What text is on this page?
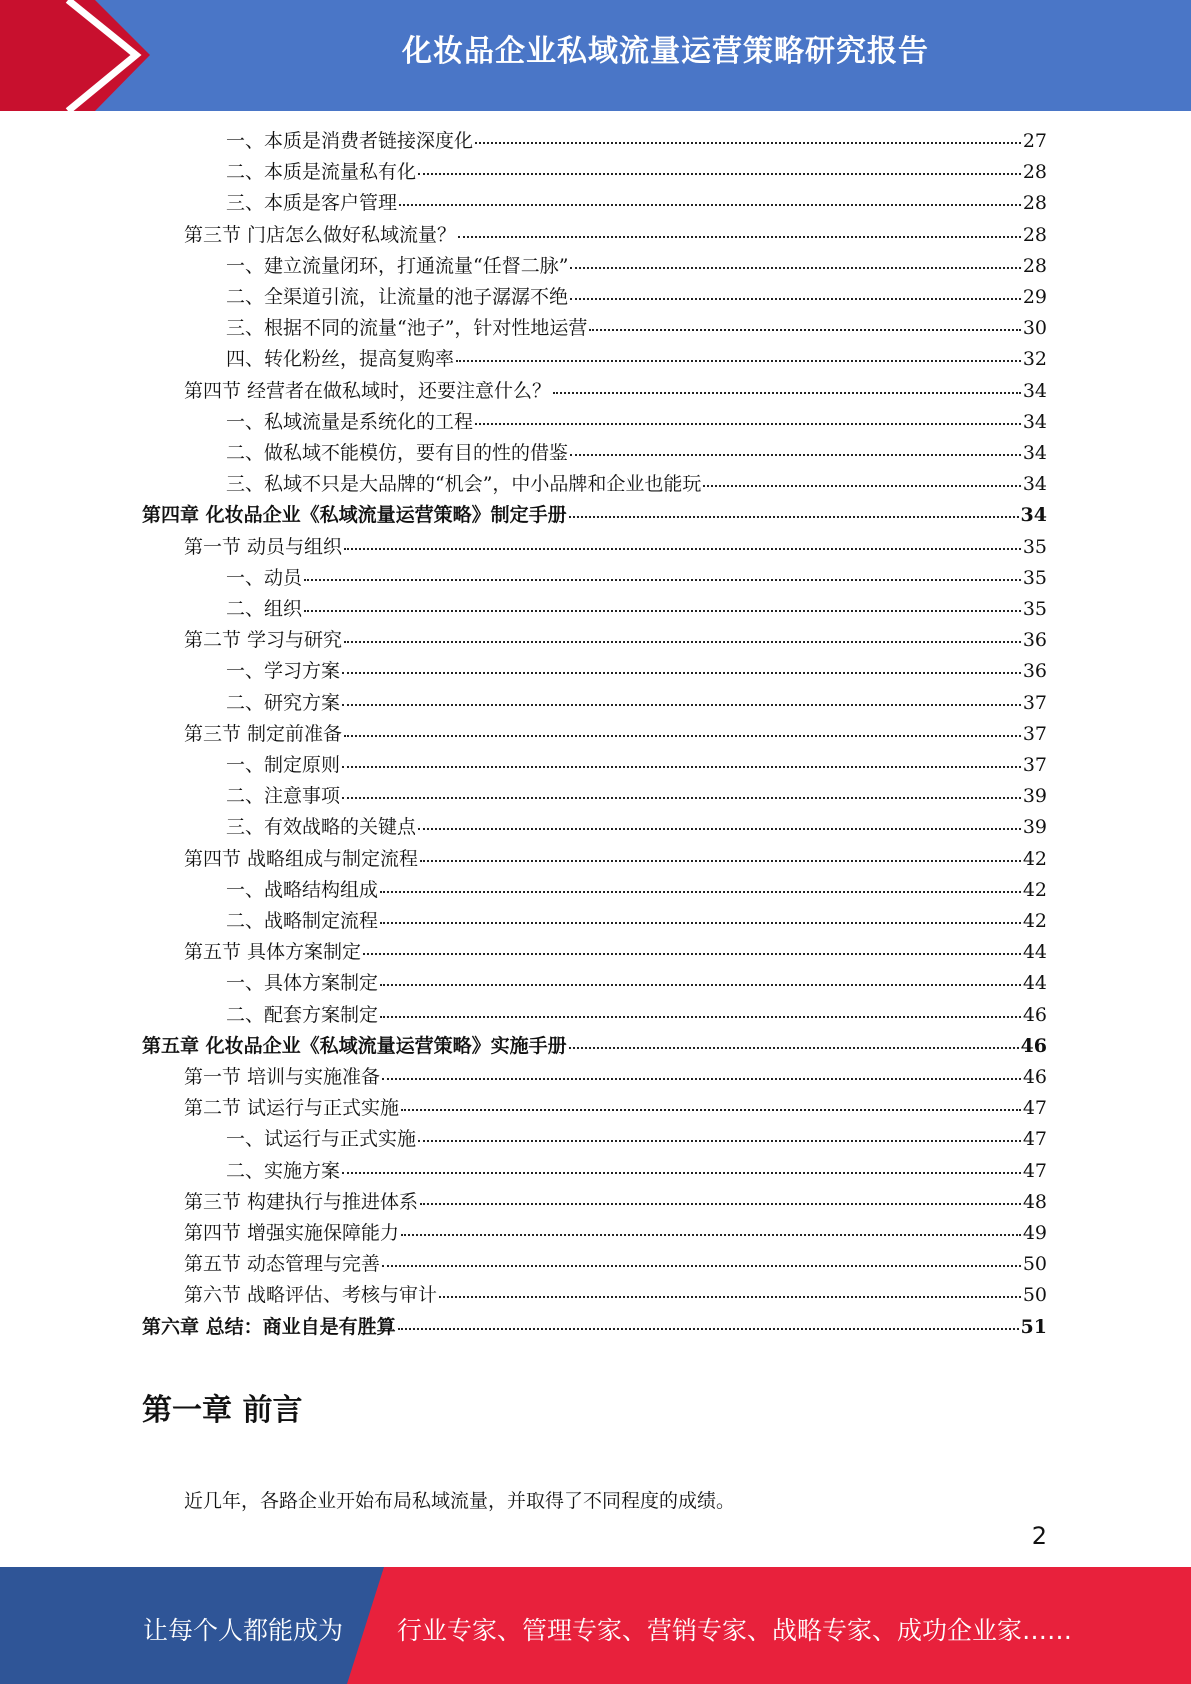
化妆品企业私域流量运营策略研究报告
一、本质是消费者链接深度化	27
二、本质是流量私有化	28
三、本质是客户管理	28
第三节 门店怎么做好私域流量？	28
一、建立流量闭环，打通流量“任督二脉”	28
二、全渠道引流，让流量的池子潺潺不绝	29
三、根据不同的流量“池子”，针对性地运营	30
四、转化粉丝，提高复购率	32
第四节 经营者在做私域时，还要注意什么？	34
一、私域流量是系统化的工程	34
二、做私域不能模仿，要有目的性的借鉴	34
三、私域不只是大品牌的“机会”，中小品牌和企业也能玩	34
第四章 化妆品企业《私域流量运营策略》制定手册	34
第一节 动员与组织	35
一、动员	35
二、组织	35
第二节 学习与研究	36
一、学习方案	36
二、研究方案	37
第三节 制定前准备	37
一、制定原则	37
二、注意事项	39
三、有效战略的关键点	39
第四节 战略组成与制定流程	42
一、战略结构组成	42
二、战略制定流程	42
第五节 具体方案制定	44
一、具体方案制定	44
二、配套方案制定	46
第五章 化妆品企业《私域流量运营策略》实施手册	46
第一节 培训与实施准备	46
第二节 试运行与正式实施	47
一、试运行与正式实施	47
二、实施方案	47
第三节 构建执行与推进体系	48
第四节 增强实施保障能力	49
第五节 动态管理与完善	50
第六节 战略评估、考核与审计	50
第六章 总结：商业自是有胜算	51
第一章 前言
近几年，各路企业开始布局私域流量，并取得了不同程度的成绩。
2
让每个人都能成为 行业专家、管理专家、营销专家、战略专家、成功企业家……
